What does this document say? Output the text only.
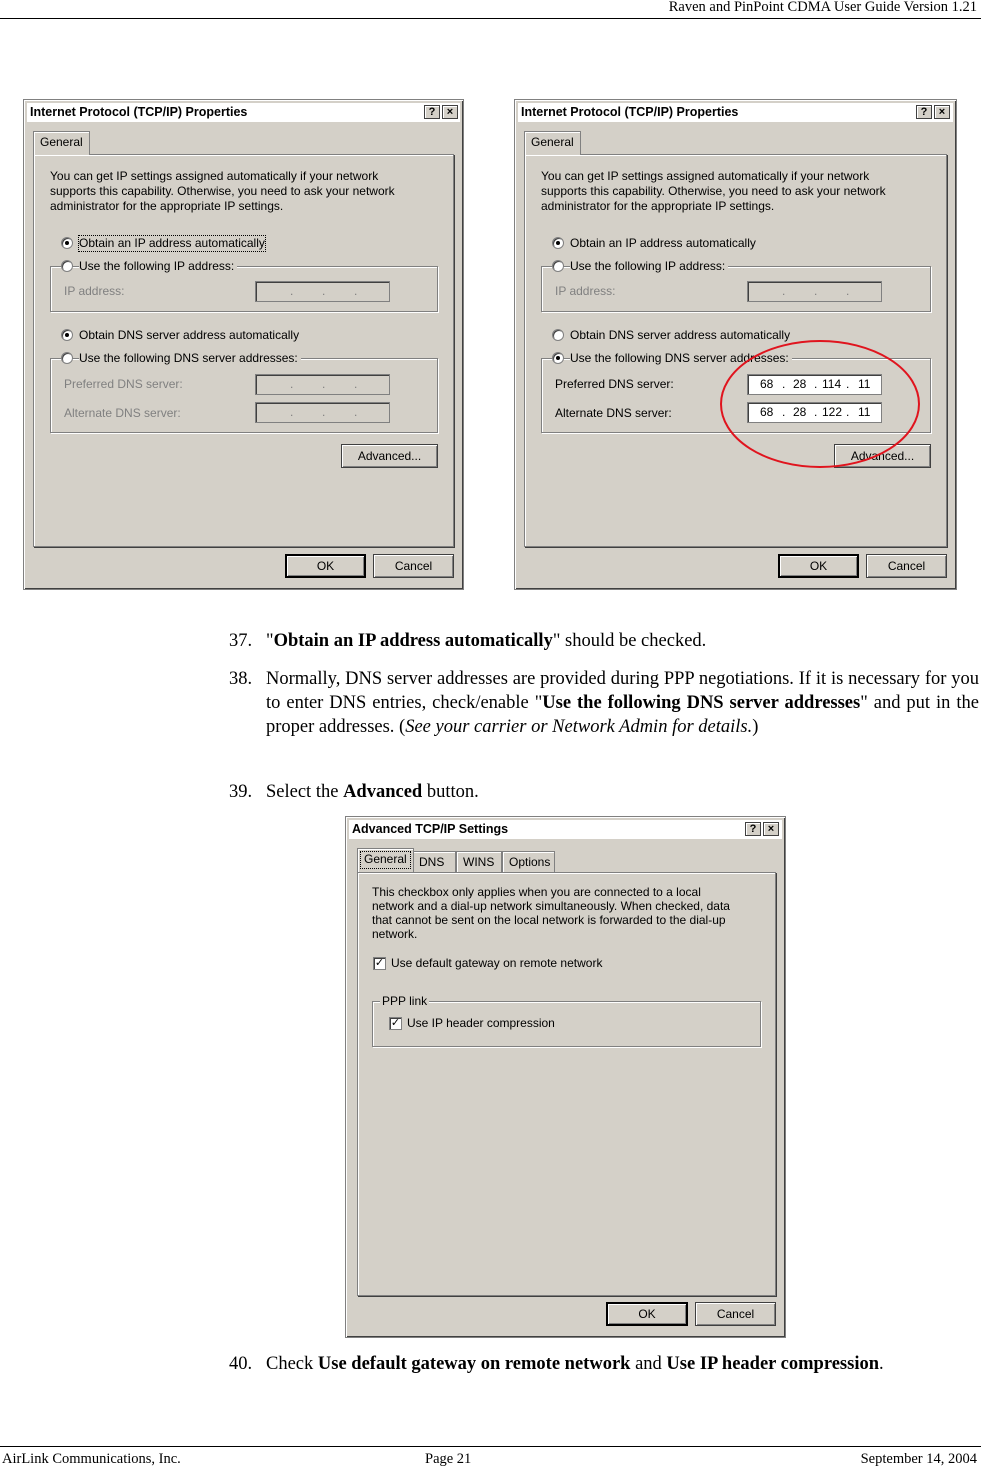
Raven and PinPoint CDMA User Guide Version 1.21
Internet Protocol (TCP/IP) Properties	?	×
General
You can get IP settings assigned automatically if your network
supports this capability. Otherwise, you need to ask your network
administrator for the appropriate IP settings.
Obtain an IP address automatically
Use the following IP address:
IP address:	. . .
Obtain DNS server address automatically
Use the following DNS server addresses:
Preferred DNS server:	. . .
Alternate DNS server:	. . .
Advanced...
OK	Cancel
Internet Protocol (TCP/IP) Properties	?	×
General
You can get IP settings assigned automatically if your network
supports this capability. Otherwise, you need to ask your network
administrator for the appropriate IP settings.
Obtain an IP address automatically
Use the following IP address:
IP address:	. . .
Obtain DNS server address automatically
Use the following DNS server addresses:
Preferred DNS server:	68 . 28 . 114 . 11
Alternate DNS server:	68 . 28 . 122 . 11
Advanced...
OK	Cancel
37. "Obtain an IP address automatically" should be checked.
38. Normally, DNS server addresses are provided during PPP negotiations. If it is necessary for you to enter DNS entries, check/enable "Use the following DNS server addresses" and put in the proper addresses. (See your carrier or Network Admin for details.)
39. Select the Advanced button.
Advanced TCP/IP Settings	?	×
General	DNS	WINS	Options
This checkbox only applies when you are connected to a local
network and a dial-up network simultaneously. When checked, data
that cannot be sent on the local network is forwarded to the dial-up
network.
✓ Use default gateway on remote network
PPP link
✓ Use IP header compression
OK	Cancel
40. Check Use default gateway on remote network and Use IP header compression.
AirLink Communications, Inc.	Page 21	September 14, 2004
